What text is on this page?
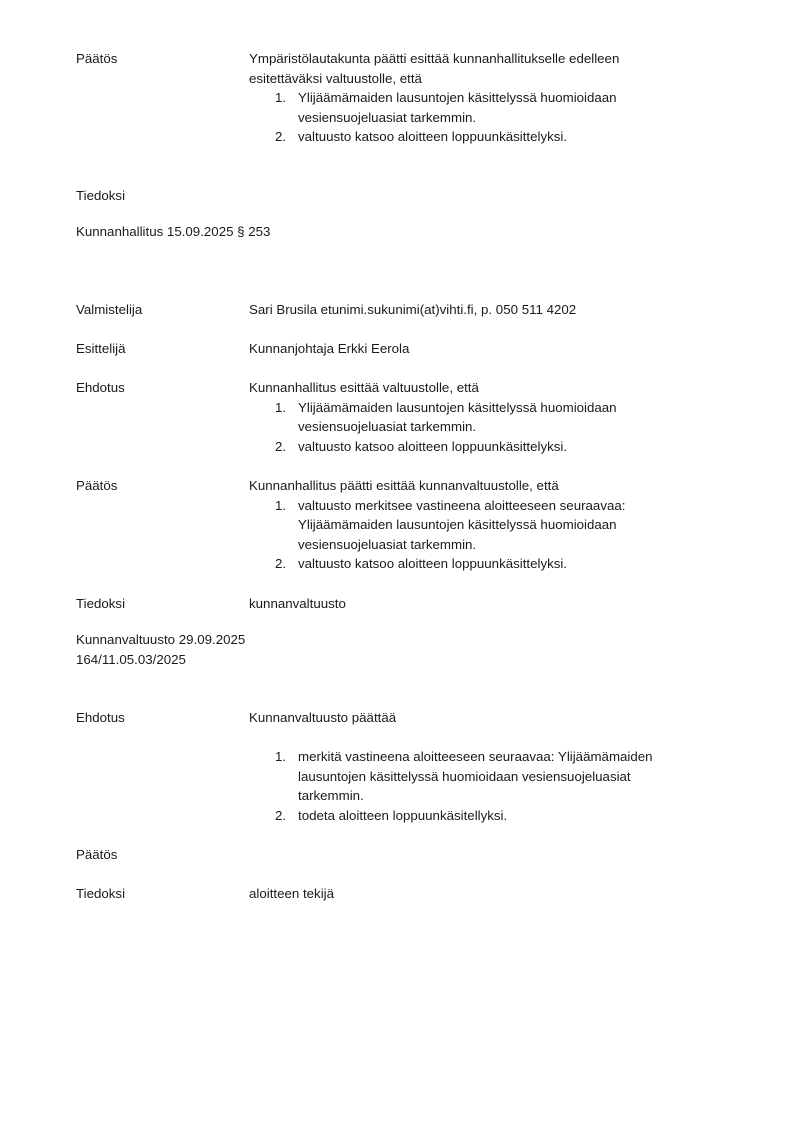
Päätös	Ympäristölautakunta päätti esittää kunnanhallitukselle edelleen
esitettäväksi valtuustolle, että
1. Ylijäämämaiden lausuntojen käsittelyssä huomioidaan
vesiensuojeluasiat tarkemmin.
2. valtuusto katsoo aloitteen loppuunkäsittelyksi.
Tiedoksi
Kunnanhallitus 15.09.2025 § 253
Valmistelija	Sari Brusila etunimi.sukunimi(at)vihti.fi, p. 050 511 4202
Esittelijä	Kunnanjohtaja Erkki Eerola
Ehdotus	Kunnanhallitus esittää valtuustolle, että
1. Ylijäämämaiden lausuntojen käsittelyssä huomioidaan
vesiensuojeluasiat tarkemmin.
2. valtuusto katsoo aloitteen loppuunkäsittelyksi.
Päätös	Kunnanhallitus päätti esittää kunnanvaltuustolle, että
1. valtuusto merkitsee vastineena aloitteeseen seuraavaa:
Ylijäämämaiden lausuntojen käsittelyssä huomioidaan
vesiensuojeluasiat tarkemmin.
2. valtuusto katsoo aloitteen loppuunkäsittelyksi.
Tiedoksi	kunnanvaltuusto
Kunnanvaltuusto 29.09.2025
164/11.05.03/2025
Ehdotus	Kunnanvaltuusto päättää
1. merkitä vastineena aloitteeseen seuraavaa: Ylijäämämaiden
lausuntojen käsittelyssä huomioidaan vesiensuojeluasiat
tarkemmin.
2. todeta aloitteen loppuunkäsitellyksi.
Päätös
Tiedoksi	aloitteen tekijä
